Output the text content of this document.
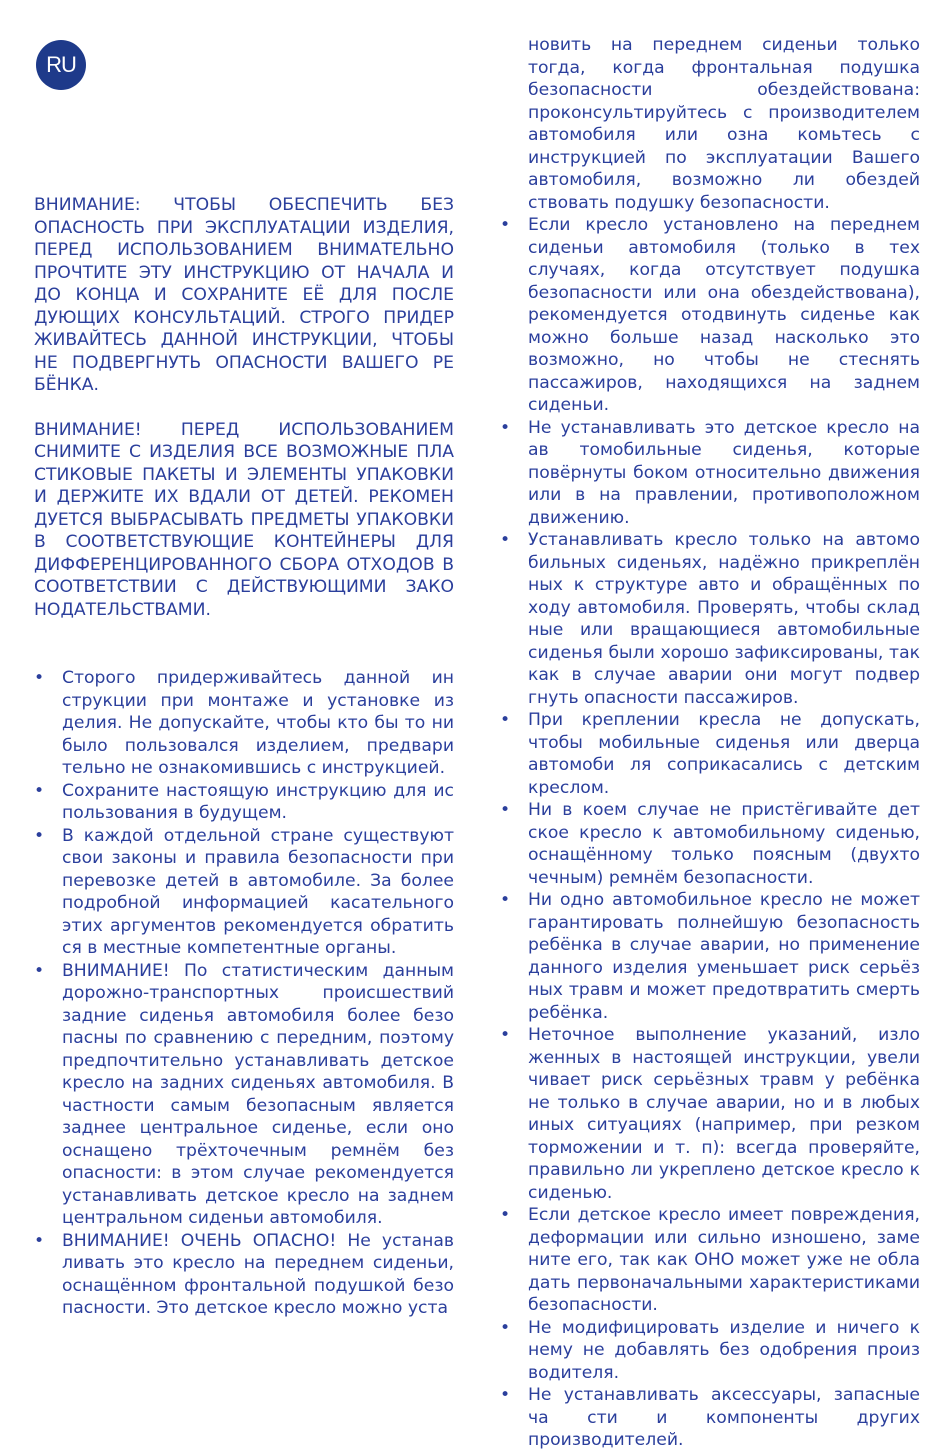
RU

ВНИМАНИЕ: ЧТОБЫ ОБЕСПЕЧИТЬ БЕЗ ОПАСНОСТЬ ПРИ ЭКСПЛУАТАЦИИ ИЗДЕЛИЯ, ПЕРЕД ИСПОЛЬЗОВАНИЕМ ВНИМАТЕЛЬНО ПРОЧТИТЕ ЭТУ ИНСТРУКЦИЮ ОТ НАЧАЛА И ДО КОНЦА И СОХРАНИТЕ ЕЁ ДЛЯ ПОСЛЕ ДУЮЩИХ КОНСУЛЬТАЦИЙ. СТРОГО ПРИДЕР ЖИВАЙТЕСЬ ДАННОЙ ИНСТРУКЦИИ, ЧТОБЫ НЕ ПОДВЕРГНУТЬ ОПАСНОСТИ ВАШЕГО РЕ БЁНКА.

ВНИМАНИЕ! ПЕРЕД ИСПОЛЬЗОВАНИЕМ СНИМИТЕ С ИЗДЕЛИЯ ВСЕ ВОЗМОЖНЫЕ ПЛА СТИКОВЫЕ ПАКЕТЫ И ЭЛЕМЕНТЫ УПАКОВКИ И ДЕРЖИТЕ ИХ ВДАЛИ ОТ ДЕТЕЙ. РЕКОМЕН ДУЕТСЯ ВЫБРАСЫВАТЬ ПРЕДМЕТЫ УПАКОВКИ В СООТВЕТСТВУЮЩИЕ КОНТЕЙНЕРЫ ДЛЯ ДИФФЕРЕНЦИРОВАННОГО СБОРА ОТХОДОВ В СООТВЕТСТВИИ С ДЕЙСТВУЮЩИМИ ЗАКО НОДАТЕЛЬСТВАМИ.

• Сторого придерживайтесь данной ин струкции при монтаже и установке из делия. Не допускайте, чтобы кто бы то ни было пользовался изделием, предвари тельно не ознакомившись с инструкцией.
• Сохраните настоящую инструкцию для ис пользования в будущем.
• В каждой отдельной стране существуют свои законы и правила безопасности при перевозке детей в автомобиле. За более подробной информацией касательного этих аргументов рекомендуется обратить ся в местные компетентные органы.
• ВНИМАНИЕ! По статистическим данным дорожно-транспортных происшествий задние сиденья автомобиля более безо пасны по сравнению с передним, поэтому предпочтительно устанавливать детское кресло на задних сиденьях автомобиля. В частности самым безопасным является заднее центральное сиденье, если оно оснащено трёхточечным ремнём без опасности: в этом случае рекомендуется устанавливать детское кресло на заднем центральном сиденьи автомобиля.
• ВНИМАНИЕ! ОЧЕНЬ ОПАСНО! Не устанав ливать это кресло на переднем сиденьи, оснащённом фронтальной подушкой безо пасности. Это детское кресло можно уста
новить на переднем сиденьи только тогда, когда фронтальная подушка безопасности обездействована: проконсультируйтесь с производителем автомобиля или озна комьтесь с инструкцией по эксплуатации Вашего автомобиля, возможно ли обездей ствовать подушку безопасности.
• Если кресло установлено на переднем сиденьи автомобиля (только в тех случаях, когда отсутствует подушка безопасности или она обездействована), рекомендуется отодвинуть сиденье как можно больше назад насколько это возможно, но чтобы не стеснять пассажиров, находящихся на заднем сиденьи.
• Не устанавливать это детское кресло на ав томобильные сиденья, которые повёрнуты боком относительно движения или в на правлении, противоположном движению.
• Устанавливать кресло только на автомо бильных сиденьях, надёжно прикреплён ных к структуре авто и обращённых по ходу автомобиля. Проверять, чтобы склад ные или вращающиеся автомобильные сиденья были хорошо зафиксированы, так как в случае аварии они могут подвер гнуть опасности пассажиров.
• При креплении кресла не допускать, чтобы мобильные сиденья или дверца автомоби ля соприкасались с детским креслом.
• Ни в коем случае не пристёгивайте дет ское кресло к автомобильному сиденью, оснащённому только поясным (двухто чечным) ремнём безопасности.
• Ни одно автомобильное кресло не может гарантировать полнейшую безопасность ребёнка в случае аварии, но применение данного изделия уменьшает риск серьёз ных травм и может предотвратить смерть ребёнка.
• Неточное выполнение указаний, изло женных в настоящей инструкции, увели чивает риск серьёзных травм у ребёнка не только в случае аварии, но и в любых иных ситуациях (например, при резком торможении и т. п): всегда проверяйте, правильно ли укреплено детское кресло к сиденью.
• Если детское кресло имеет повреждения, деформации или сильно изношено, заме ните его, так как ОНО может уже не обла дать первоначальными характеристиками безопасности.
• Не модифицировать изделие и ничего к нему не добавлять без одобрения произ водителя.
• Не устанавливать аксессуары, запасные ча сти и компоненты других производителей.
